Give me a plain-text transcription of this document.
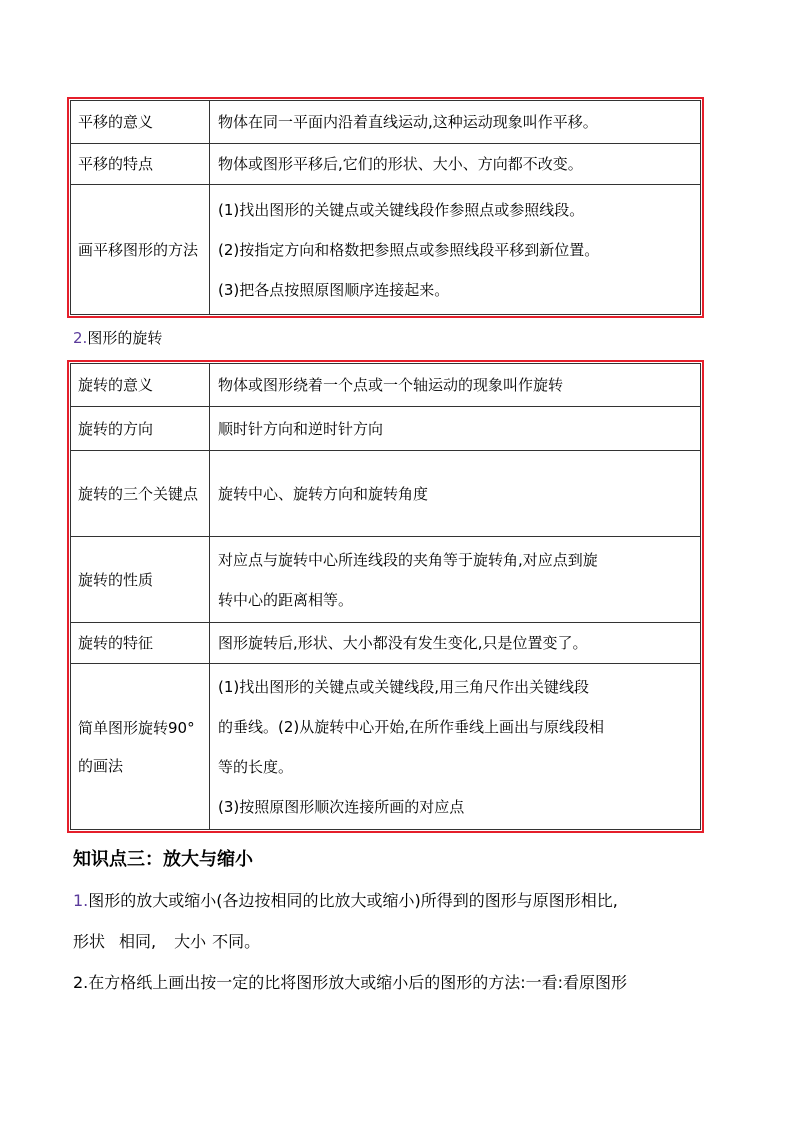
平移的意义	物体在同一平面内沿着直线运动,这种运动现象叫作平移。

平移的特点	物体或图形平移后,它们的形状、大小、方向都不改变。

画平移图形的方法	(1)找出图形的关键点或关键线段作参照点或参照线段。
(2)按指定方向和格数把参照点或参照线段平移到新位置。
(3)把各点按照原图顺序连接起来。
2.图形的旋转
旋转的意义	物体或图形绕着一个点或一个轴运动的现象叫作旋转

旋转的方向	顺时针方向和逆时针方向

旋转的三个关键点	旋转中心、旋转方向和旋转角度

旋转的性质	对应点与旋转中心所连线段的夹角等于旋转角,对应点到旋
转中心的距离相等。

旋转的特征	图形旋转后,形状、大小都没有发生变化,只是位置变了。

简单图形旋转90°的画法	(1)找出图形的关键点或关键线段,用三角尺作出关键线段
的垂线。(2)从旋转中心开始,在所作垂线上画出与原线段相
等的长度。
(3)按照原图形顺次连接所画的对应点
知识点三：放大与缩小
1.图形的放大或缩小(各边按相同的比放大或缩小)所得到的图形与原图形相比,
形状 相同, 大小 不同。
2.在方格纸上画出按一定的比将图形放大或缩小后的图形的方法:一看:看原图形
